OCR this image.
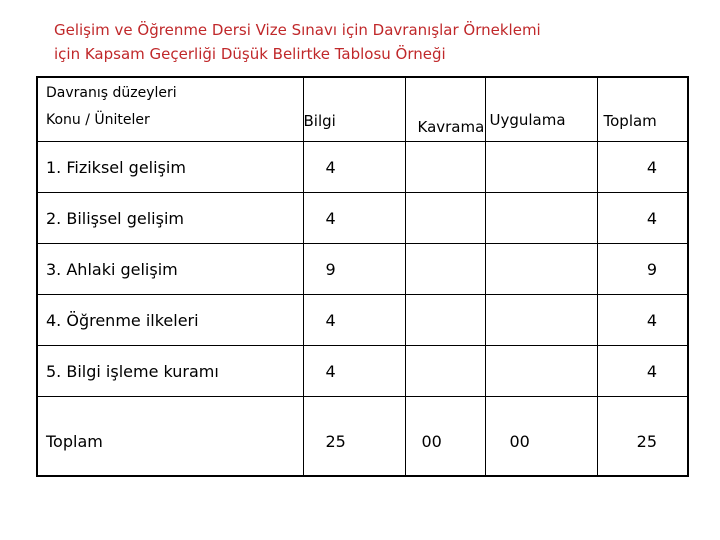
Gelişim ve Öğrenme Dersi Vize Sınavı için Davranışlar Örneklemi
için Kapsam Geçerliği Düşük Belirtke Tablosu Örneği
Davranış düzeyleri
Konu / Üniteler	Bilgi	Kavrama	Uygulama	Toplam

1. Fiziksel gelişim	4			4
2. Bilişsel gelişim	4			4
3. Ahlaki gelişim	9			9
4. Öğrenme ilkeleri	4			4
5. Bilgi işleme kuramı	4			4
Toplam	25	00	00	25
